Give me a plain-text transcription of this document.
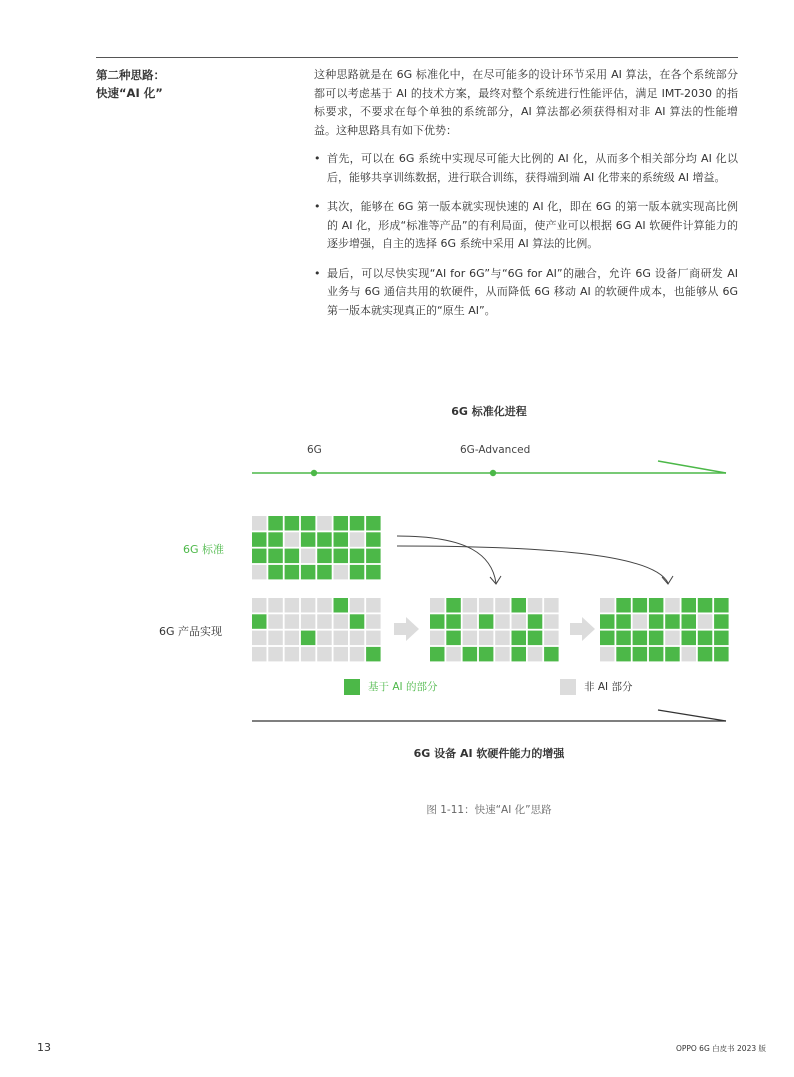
第二种思路：
快速“AI 化”

这种思路就是在 6G 标准化中，在尽可能多的设计环节采用 AI 算法，在各个系统部分都可以考虑基于 AI 的技术方案，最终对整个系统进行性能评估，满足 IMT-2030 的指标要求，不要求在每个单独的系统部分，AI 算法都必须获得相对非 AI 算法的性能增益。这种思路具有如下优势：

• 首先，可以在 6G 系统中实现尽可能大比例的 AI 化，从而多个相关部分均 AI 化以后，能够共享训练数据，进行联合训练，获得端到端 AI 化带来的系统级 AI 增益。
• 其次，能够在 6G 第一版本就实现快速的 AI 化，即在 6G 的第一版本就实现高比例的 AI 化，形成“标准等产品”的有利局面，使产业可以根据 6G AI 软硬件计算能力的逐步增强，自主的选择 6G 系统中采用 AI 算法的比例。
• 最后，可以尽快实现“AI for 6G”与“6G for AI”的融合，允许 6G 设备厂商研发 AI 业务与 6G 通信共用的软硬件，从而降低 6G 移动 AI 的软硬件成本，也能够从 6G 第一版本就实现真正的“原生 AI”。
6G 标准化进程
6G	6G-Advanced
6G 标准
6G 产品实现
基于 AI 的部分	非 AI 部分
6G 设备 AI 软硬件能力的增强
图 1-11：快速“AI 化”思路
13	OPPO 6G 白皮书 2023 版
